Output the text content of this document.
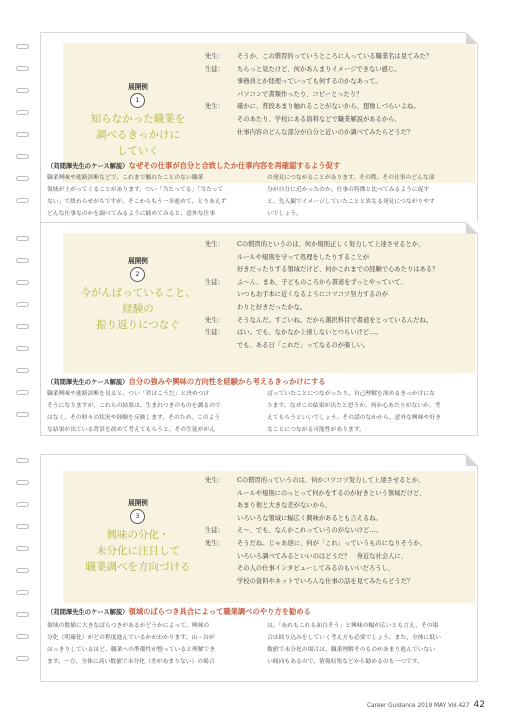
展開例
1
知らなかった職業を
調べるきっかけに
していく
先生： そうか、この慣習的っていうところに入っている職業名は見てみた？
生徒： ちらっと見たけど、何かあんまりイメージできない感じ。
事務員とか経理っていっても何するのかなあって。
パソコンで書類作ったり、コピーとったり？
先生： 確かに、普段あまり触れることがないから、想像しづらいよね。
そのあたり、学校にある資料などで職業解説があるから、
仕事内容のどんな部分が自分と近いのか調べてみたらどうだ？
（苅間澤先生のケース解説）なぜその仕事が自分と合致したか仕事内容を再確認するよう促す

職業興味や進路診断などで、これまで触れたことのない職業

領域が上がってくることがあります。つい「当たってる」「当たって

ない」で終わらせがちですが、そこからもう一歩進めて、とりあえず

どんな仕事なのかを調べてみるように勧めてみると、意外な仕事

の発見につながることがあります。その際、その仕事のどんな部

分が自分に近かったのか、仕事の特徴と比べてみるように促す

と、先入観でイメージしていたことと異なる発見につながりやす

いでしょう。

展開例
2
今がんばっていること、
経験の
振り返りにつなぐ
先生： Cの慣習的というのは、何か規則正しく努力して上達させるとか、
ルールや規則を守って処理をしたりすることが
好きだったりする領域だけど、何かこれまでの経験で心あたりはある？
生徒： ふ〜ん、まあ、子どものころから書道をずっとやっていて、
いつもお手本に近くなるようにコツコツ努力するのが
わりと好きだったかな。
先生： そうなんだ。すごいね。だから選択科目で書道をとっているんだね。
生徒： はい。でも、なかなか上達しないとつらいけど…。
でも、ある日「これだ」ってなるのが楽しい。
（苅間澤先生のケース解説）自分の強みや興味の方向性を経験から考えるきっかけにする

職業興味や進路診断を見ると、つい「君はこうだ」と決めつけ

そうになりますが、これらの結果は、生まれつきのものを測るので

はなく、その時々の状況や経験を反映します。そのため、このよう

な結果が出ている背景を改めて考えてもらうと、その生徒ががん

ばっていたことにつながったり、自己理解を深めるきっかけにな

ります。なぜこの結果が出たと思うか、何か心あたりがないか、考

えてもらうといいでしょう。その話のなかから、意外な興味や好き

なことにつながる可能性があります。

展開例
3
興味の分化・
未分化に注目して
職業調べを方向づける
先生： Cの慣習的っていうのは、何かコツコツ努力して上達させるとか、
ルールや規則にのっとって何かをするのが好きという領域だけど、
あまり他と大きな差がないから、
いろいろな領域に幅広く興味があるとも言えるね。
生徒： え〜、でも、なんかこれっていうのがないけど…。
先生： そうだね。じゃあ逆に、何が「これ」っていうものになりそうか、
いろいろ調べてみるといいのはどうだ？　身近な社会人に、
その人の仕事インタビューしてみるのもいいだろうし、
学校の資料やネットでいろんな仕事の話を見てみたらどうだ？
（苅間澤先生のケース解説）領域のばらつき具合によって職業調べのやり方を勧める

領域の数値に大きなばらつきがあるかどうかによって、興味の

分化（明確化）がどの程度進んでいるかがわかります。山・谷が

はっきりしているほど、職業への準備性が整っていると理解でき

ます。一方、全体に高い数値で未分化（差があまりない）の場合

は、「あれもこれも面白そう」と興味の幅が広いとも言え、その場

合は絞り込みをしていく考え方も必要でしょう。また、全体に低い

数値で未分化の場合は、職業理解そのものがあまり進んでいない

い傾向もあるので、情報収集などから勧めるのも一つです。

Career Guidance 2019 MAY Vol.427 42
